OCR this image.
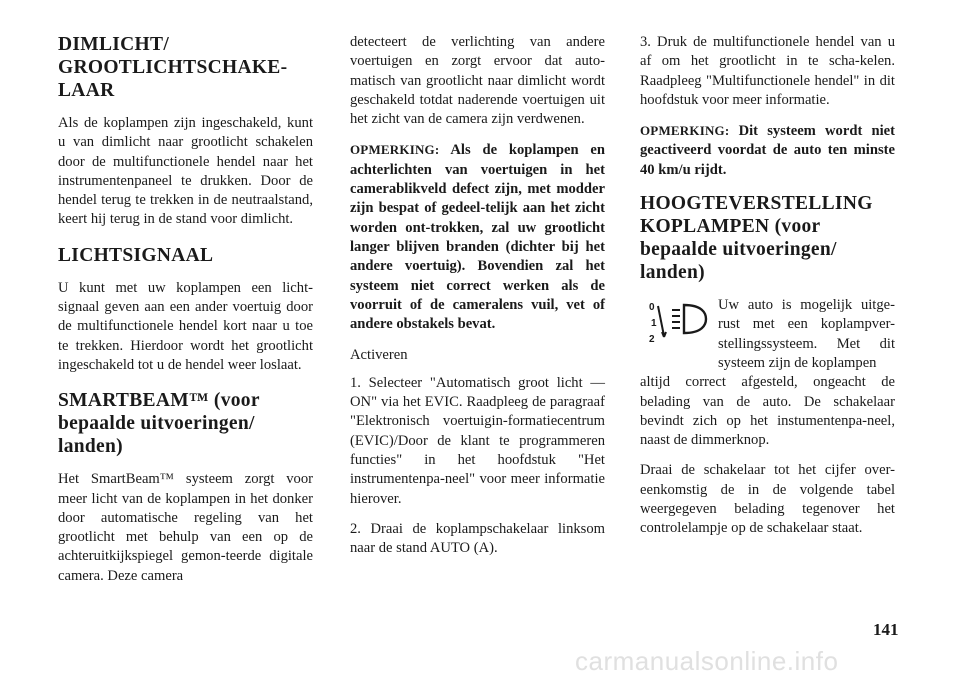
DIMLICHT/
GROOTLICHTSCHAKE-
LAAR

Als de koplampen zijn ingeschakeld, kunt u van dimlicht naar grootlicht schakelen door de multifunctionele hendel naar het instrumentenpaneel te drukken. Door de hendel terug te trekken in de neutraalstand, keert hij terug in de stand voor dimlicht.

LICHTSIGNAAL

U kunt met uw koplampen een licht-signaal geven aan een ander voertuig door de multifunctionele hendel kort naar u toe te trekken. Hierdoor wordt het grootlicht ingeschakeld tot u de hendel weer loslaat.

SMARTBEAM™ (voor
bepaalde uitvoeringen/
landen)

Het SmartBeam™ systeem zorgt voor meer licht van de koplampen in het donker door automatische regeling van het grootlicht met behulp van een op de achteruitkijkspiegel gemon-teerde digitale camera. Deze camera

detecteert de verlichting van andere voertuigen en zorgt ervoor dat auto-matisch van grootlicht naar dimlicht wordt geschakeld totdat naderende voertuigen uit het zicht van de camera zijn verdwenen.

OPMERKING: Als de koplampen en achterlichten van voertuigen in het camerablikveld defect zijn, met modder zijn bespat of gedeel-telijk aan het zicht worden ont-trokken, zal uw grootlicht langer blijven branden (dichter bij het andere voertuig). Bovendien zal het systeem niet correct werken als de voorruit of de cameralens vuil, vet of andere obstakels bevat.

Activeren

1. Selecteer "Automatisch groot licht — ON" via het EVIC. Raadpleeg de paragraaf "Elektronisch voertuigin-formatiecentrum (EVIC)/Door de klant te programmeren functies" in het hoofdstuk "Het instrumentenpa-neel" voor meer informatie hierover.

2. Draai de koplampschakelaar linksom naar de stand AUTO (A).

3. Druk de multifunctionele hendel van u af om het grootlicht in te scha-kelen. Raadpleeg "Multifunctionele hendel" in dit hoofdstuk voor meer informatie.

OPMERKING: Dit systeem wordt niet geactiveerd voordat de auto ten minste 40 km/u rijdt.
HOOGTEVERSTELLING
KOPLAMPEN (voor
bepaalde uitvoeringen/
landen)
0
1
2

Uw auto is mogelijk uitge-rust met een koplampver-stellingssysteem. Met dit systeem zijn de koplampen

altijd correct afgesteld, ongeacht de belading van de auto. De schakelaar bevindt zich op het instumentenpa-neel, naast de dimmerknop.

Draai de schakelaar tot het cijfer over-eenkomstig de in de volgende tabel weergegeven belading tegenover het controlelampje op de schakelaar staat.

141
carmanualsonline.info
